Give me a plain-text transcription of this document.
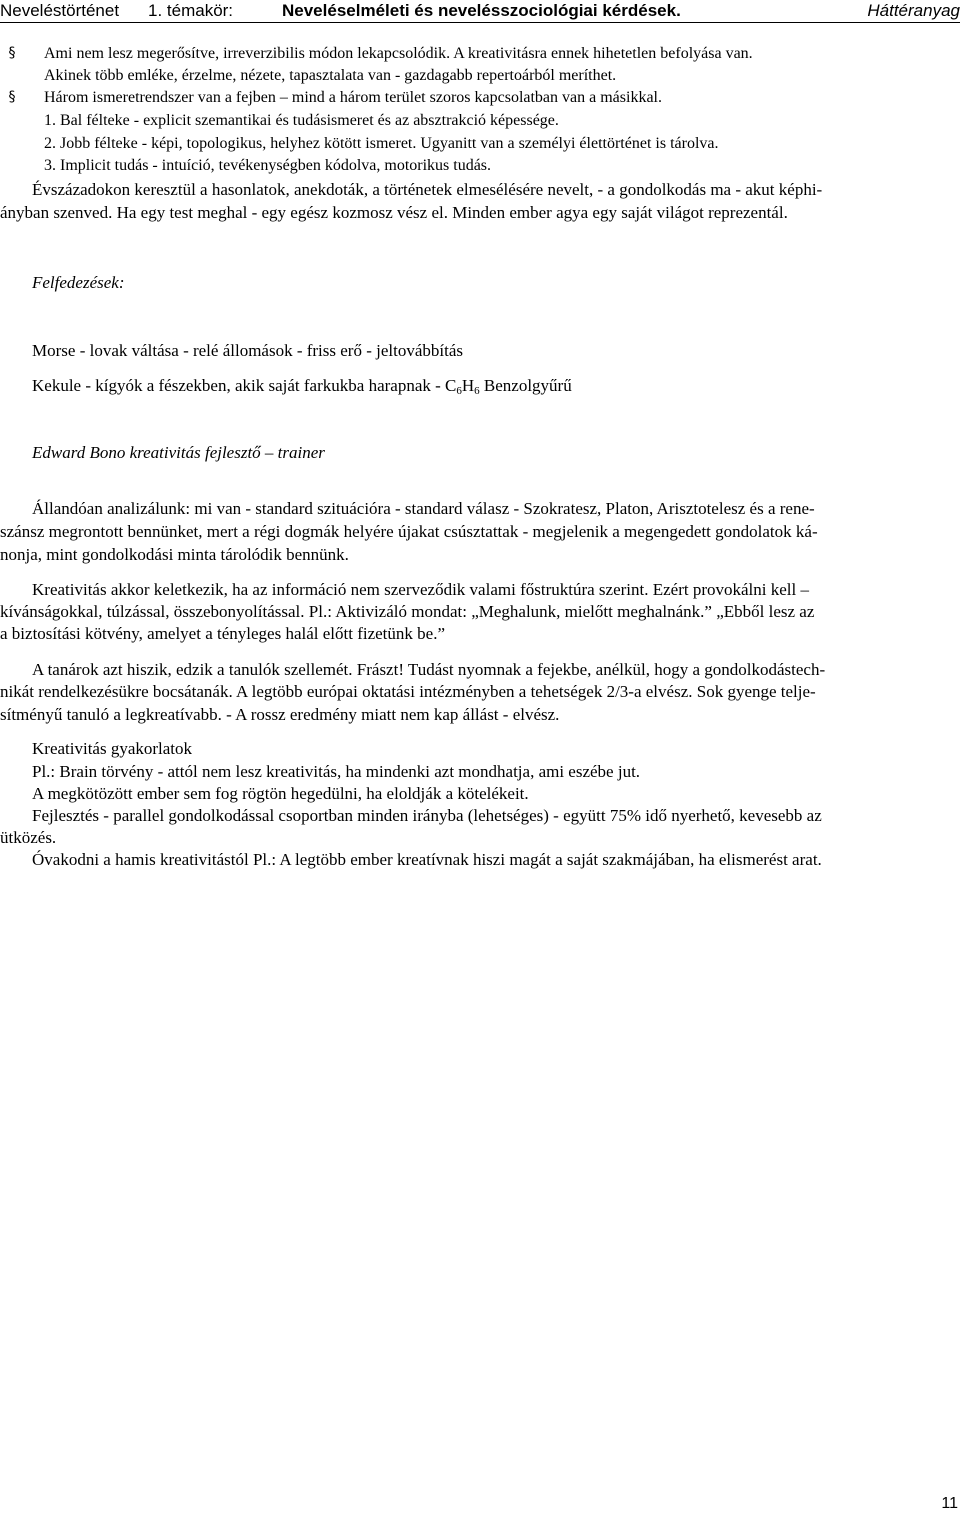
Neveléstörténet 1. témakör:	Neveléselméleti és nevelésszociológiai kérdések.	Háttéranyag
§ Ami nem lesz megerősítve, irreverzibilis módon lekapcsolódik. A kreativitásra ennek hihetetlen befolyása van.
Akinek több emléke, érzelme, nézete, tapasztalata van - gazdagabb repertoárból meríthet.
§ Három ismeretrendszer van a fejben – mind a három terület szoros kapcsolatban van a másikkal.
1. Bal félteke - explicit szemantikai és tudásismeret és az absztrakció képessége.
2. Jobb félteke - képi, topologikus, helyhez kötött ismeret. Ugyanitt van a személyi élettörténet is tárolva.
3. Implicit tudás - intuíció, tevékenységben kódolva, motorikus tudás.
Évszázadokon keresztül a hasonlatok, anekdoták, a történetek elmesélésére nevelt, - a gondolkodás ma - akut képhi-
ányban szenved. Ha egy test meghal - egy egész kozmosz vész el. Minden ember agya egy saját világot reprezentál.
Felfedezések:
Morse - lovak váltása - relé állomások - friss erő - jeltovábbítás
Kekule - kígyók a fészekben, akik saját farkukba harapnak - C6H6 Benzolgyűrű
Edward Bono kreativitás fejlesztő – trainer
Állandóan analizálunk: mi van - standard szituációra - standard válasz - Szokratesz, Platon, Arisztotelesz és a rene-
szánsz megrontott bennünket, mert a régi dogmák helyére újakat csúsztattak - megjelenik a megengedett gondolatok ká-
nonja, mint gondolkodási minta tárolódik bennünk.
Kreativitás akkor keletkezik, ha az információ nem szerveződik valami főstruktúra szerint. Ezért provokálni kell –
kívánságokkal, túlzással, összebonyolítással. Pl.: Aktivizáló mondat: „Meghalunk, mielőtt meghalnánk.” „Ebből lesz az
a biztosítási kötvény, amelyet a tényleges halál előtt fizetünk be.”
A tanárok azt hiszik, edzik a tanulók szellemét. Frászt! Tudást nyomnak a fejekbe, anélkül, hogy a gondolkodástech-
nikát rendelkezésükre bocsátanák. A legtöbb európai oktatási intézményben a tehetségek 2/3-a elvész. Sok gyenge telje-
sítményű tanuló a legkreatívabb. - A rossz eredmény miatt nem kap állást - elvész.
Kreativitás gyakorlatok
Pl.: Brain törvény - attól nem lesz kreativitás, ha mindenki azt mondhatja, ami eszébe jut.
A megkötözött ember sem fog rögtön hegedülni, ha eloldják a kötelékeit.
Fejlesztés - parallel gondolkodással csoportban minden irányba (lehetséges) - együtt 75% idő nyerhető, kevesebb az
ütközés.
Óvakodni a hamis kreativitástól Pl.: A legtöbb ember kreatívnak hiszi magát a saját szakmájában, ha elismerést arat.
11
